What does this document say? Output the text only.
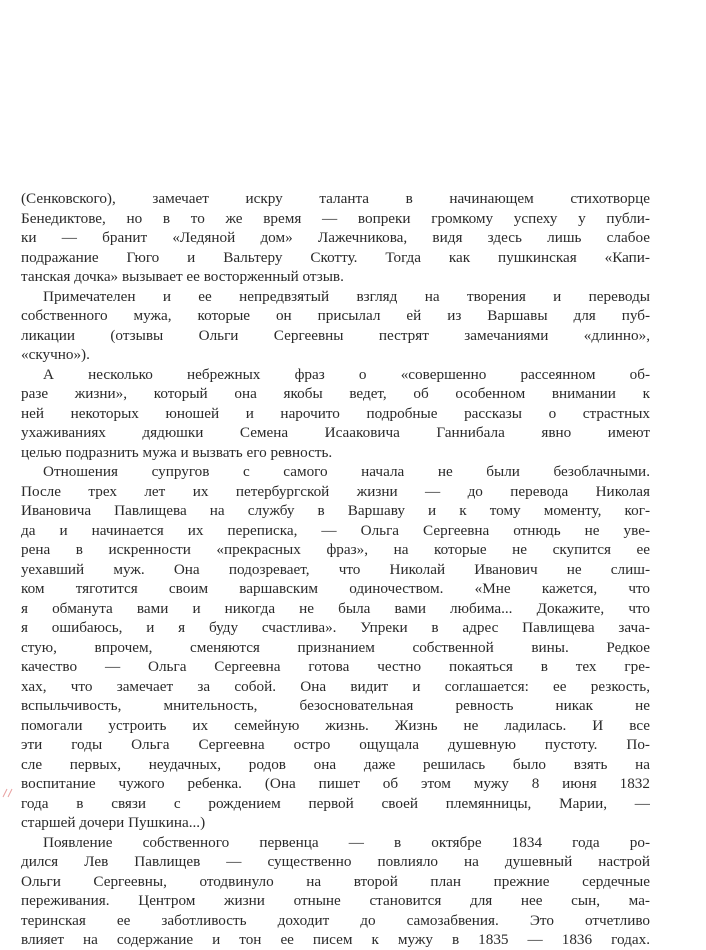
(Сенковского), замечает искру таланта в начинающем стихотворце
Бенедиктове, но в то же время — вопреки громкому успеху у публи-
ки — бранит «Ледяной дом» Лажечникова, видя здесь лишь слабое
подражание Гюго и Вальтеру Скотту. Тогда как пушкинская «Капи-
танская дочка» вызывает ее восторженный отзыв.

Примечателен и ее непредвзятый взгляд на творения и переводы
собственного мужа, которые он присылал ей из Варшавы для пуб-
ликации (отзывы Ольги Сергеевны пестрят замечаниями «длинно»,
«скучно»).

А несколько небрежных фраз о «совершенно рассеянном об-
разе жизни», который она якобы ведет, об особенном внимании к
ней некоторых юношей и нарочито подробные рассказы о страстных
ухаживаниях дядюшки Семена Исааковича Ганнибала явно имеют
целью подразнить мужа и вызвать его ревность.

Отношения супругов с самого начала не были безоблачными.
После трех лет их петербургской жизни — до перевода Николая
Ивановича Павлищева на службу в Варшаву и к тому моменту, ког-
да и начинается их переписка, — Ольга Сергеевна отнюдь не уве-
рена в искренности «прекрасных фраз», на которые не скупится ее
уехавший муж. Она подозревает, что Николай Иванович не слиш-
ком тяготится своим варшавским одиночеством. «Мне кажется, что
я обманута вами и никогда не была вами любима... Докажите, что
я ошибаюсь, и я буду счастлива». Упреки в адрес Павлищева зача-
стую, впрочем, сменяются признанием собственной вины. Редкое
качество — Ольга Сергеевна готова честно покаяться в тех гре-
хах, что замечает за собой. Она видит и соглашается: ее резкость,
вспыльчивость, мнительность, безосновательная ревность никак не
помогали устроить их семейную жизнь. Жизнь не ладилась. И все
эти годы Ольга Сергеевна остро ощущала душевную пустоту. По-
сле первых, неудачных, родов она даже решилась было взять на
воспитание чужого ребенка. (Она пишет об этом мужу 8 июня 1832
года в связи с рождением первой своей племянницы, Марии, —
старшей дочери Пушкина...)

Появление собственного первенца — в октябре 1834 года ро-
дился Лев Павлищев — существенно повлияло на душевный настрой
Ольги Сергеевны, отодвинуло на второй план прежние сердечные
переживания. Центром жизни отныне становится для нее сын, ма-
теринская ее заботливость доходит до самозабвения. Это отчетливо
влияет на содержание и тон ее писем к мужу в 1835 — 1836 годах.
